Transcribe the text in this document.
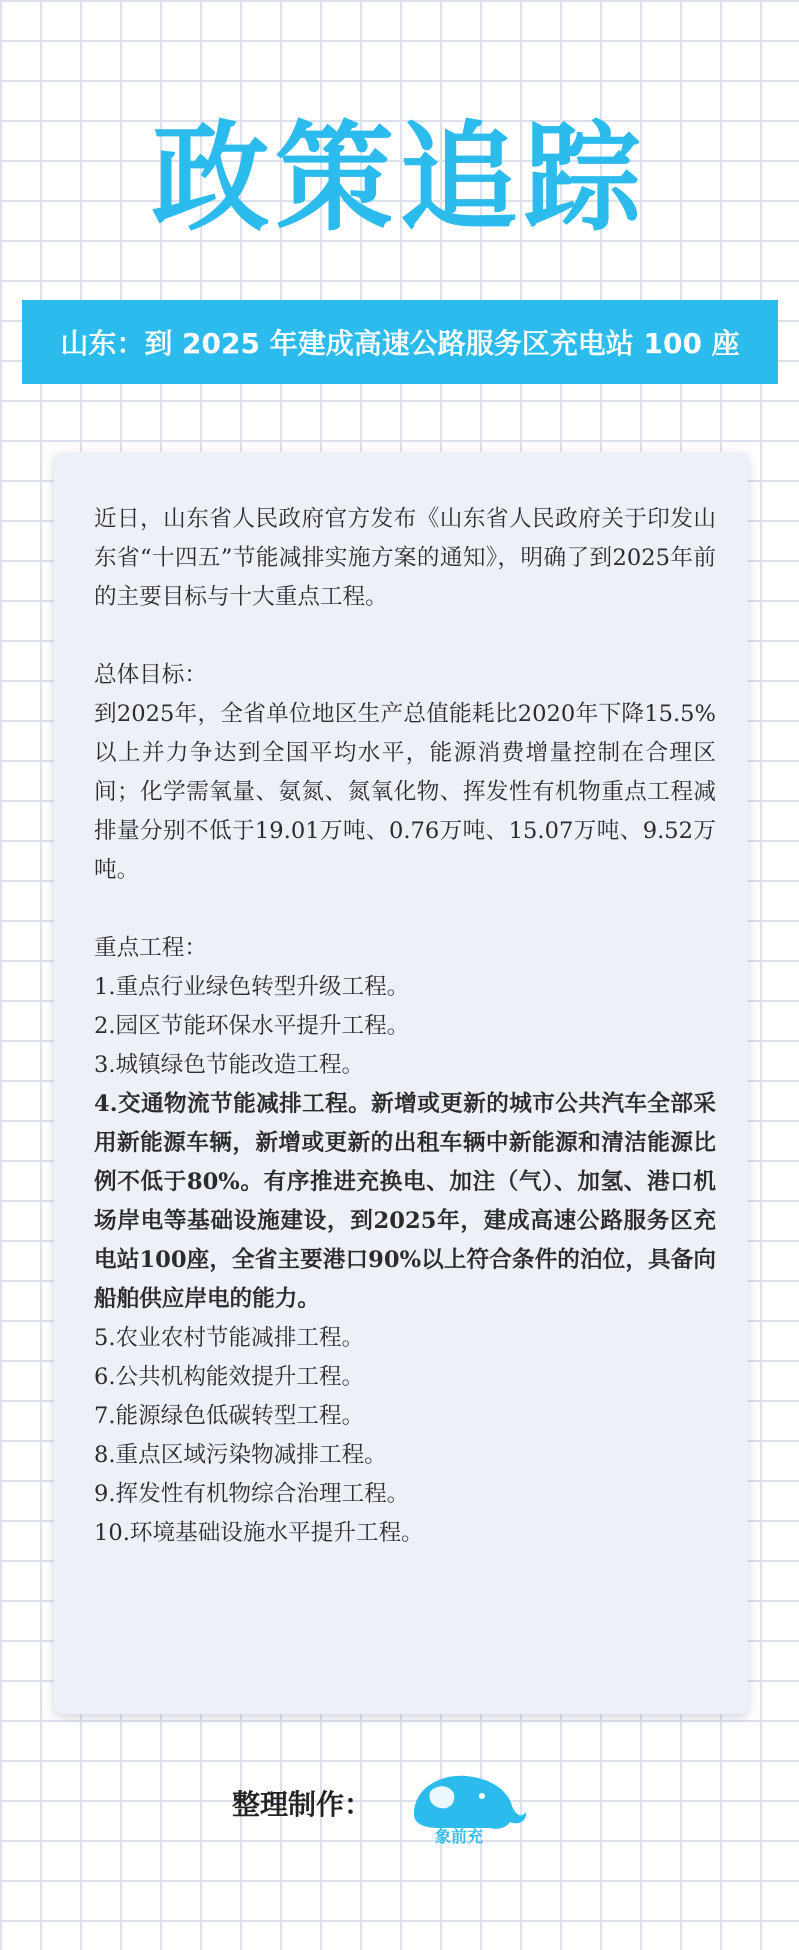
政策追踪
山东：到 2025 年建成高速公路服务区充电站 100 座

近日，山东省人民政府官方发布《山东省人民政府关于印发山东省“十四五”节能减排实施方案的通知》，明确了到2025年前的主要目标与十大重点工程。

总体目标：

到2025年，全省单位地区生产总值能耗比2020年下降15.5%以上并力争达到全国平均水平，能源消费增量控制在合理区间；化学需氧量、氨氮、氮氧化物、挥发性有机物重点工程减排量分别不低于19.01万吨、0.76万吨、15.07万吨、9.52万吨。

重点工程：

1.重点行业绿色转型升级工程。

2.园区节能环保水平提升工程。

3.城镇绿色节能改造工程。

4.交通物流节能减排工程。新增或更新的城市公共汽车全部采用新能源车辆，新增或更新的出租车辆中新能源和清洁能源比例不低于80%。有序推进充换电、加注（气）、加氢、港口机场岸电等基础设施建设，到2025年，建成高速公路服务区充电站100座，全省主要港口90%以上符合条件的泊位，具备向船舶供应岸电的能力。

5.农业农村节能减排工程。

6.公共机构能效提升工程。

7.能源绿色低碳转型工程。

8.重点区域污染物减排工程。

9.挥发性有机物综合治理工程。

10.环境基础设施水平提升工程。

整理制作：
象前充
